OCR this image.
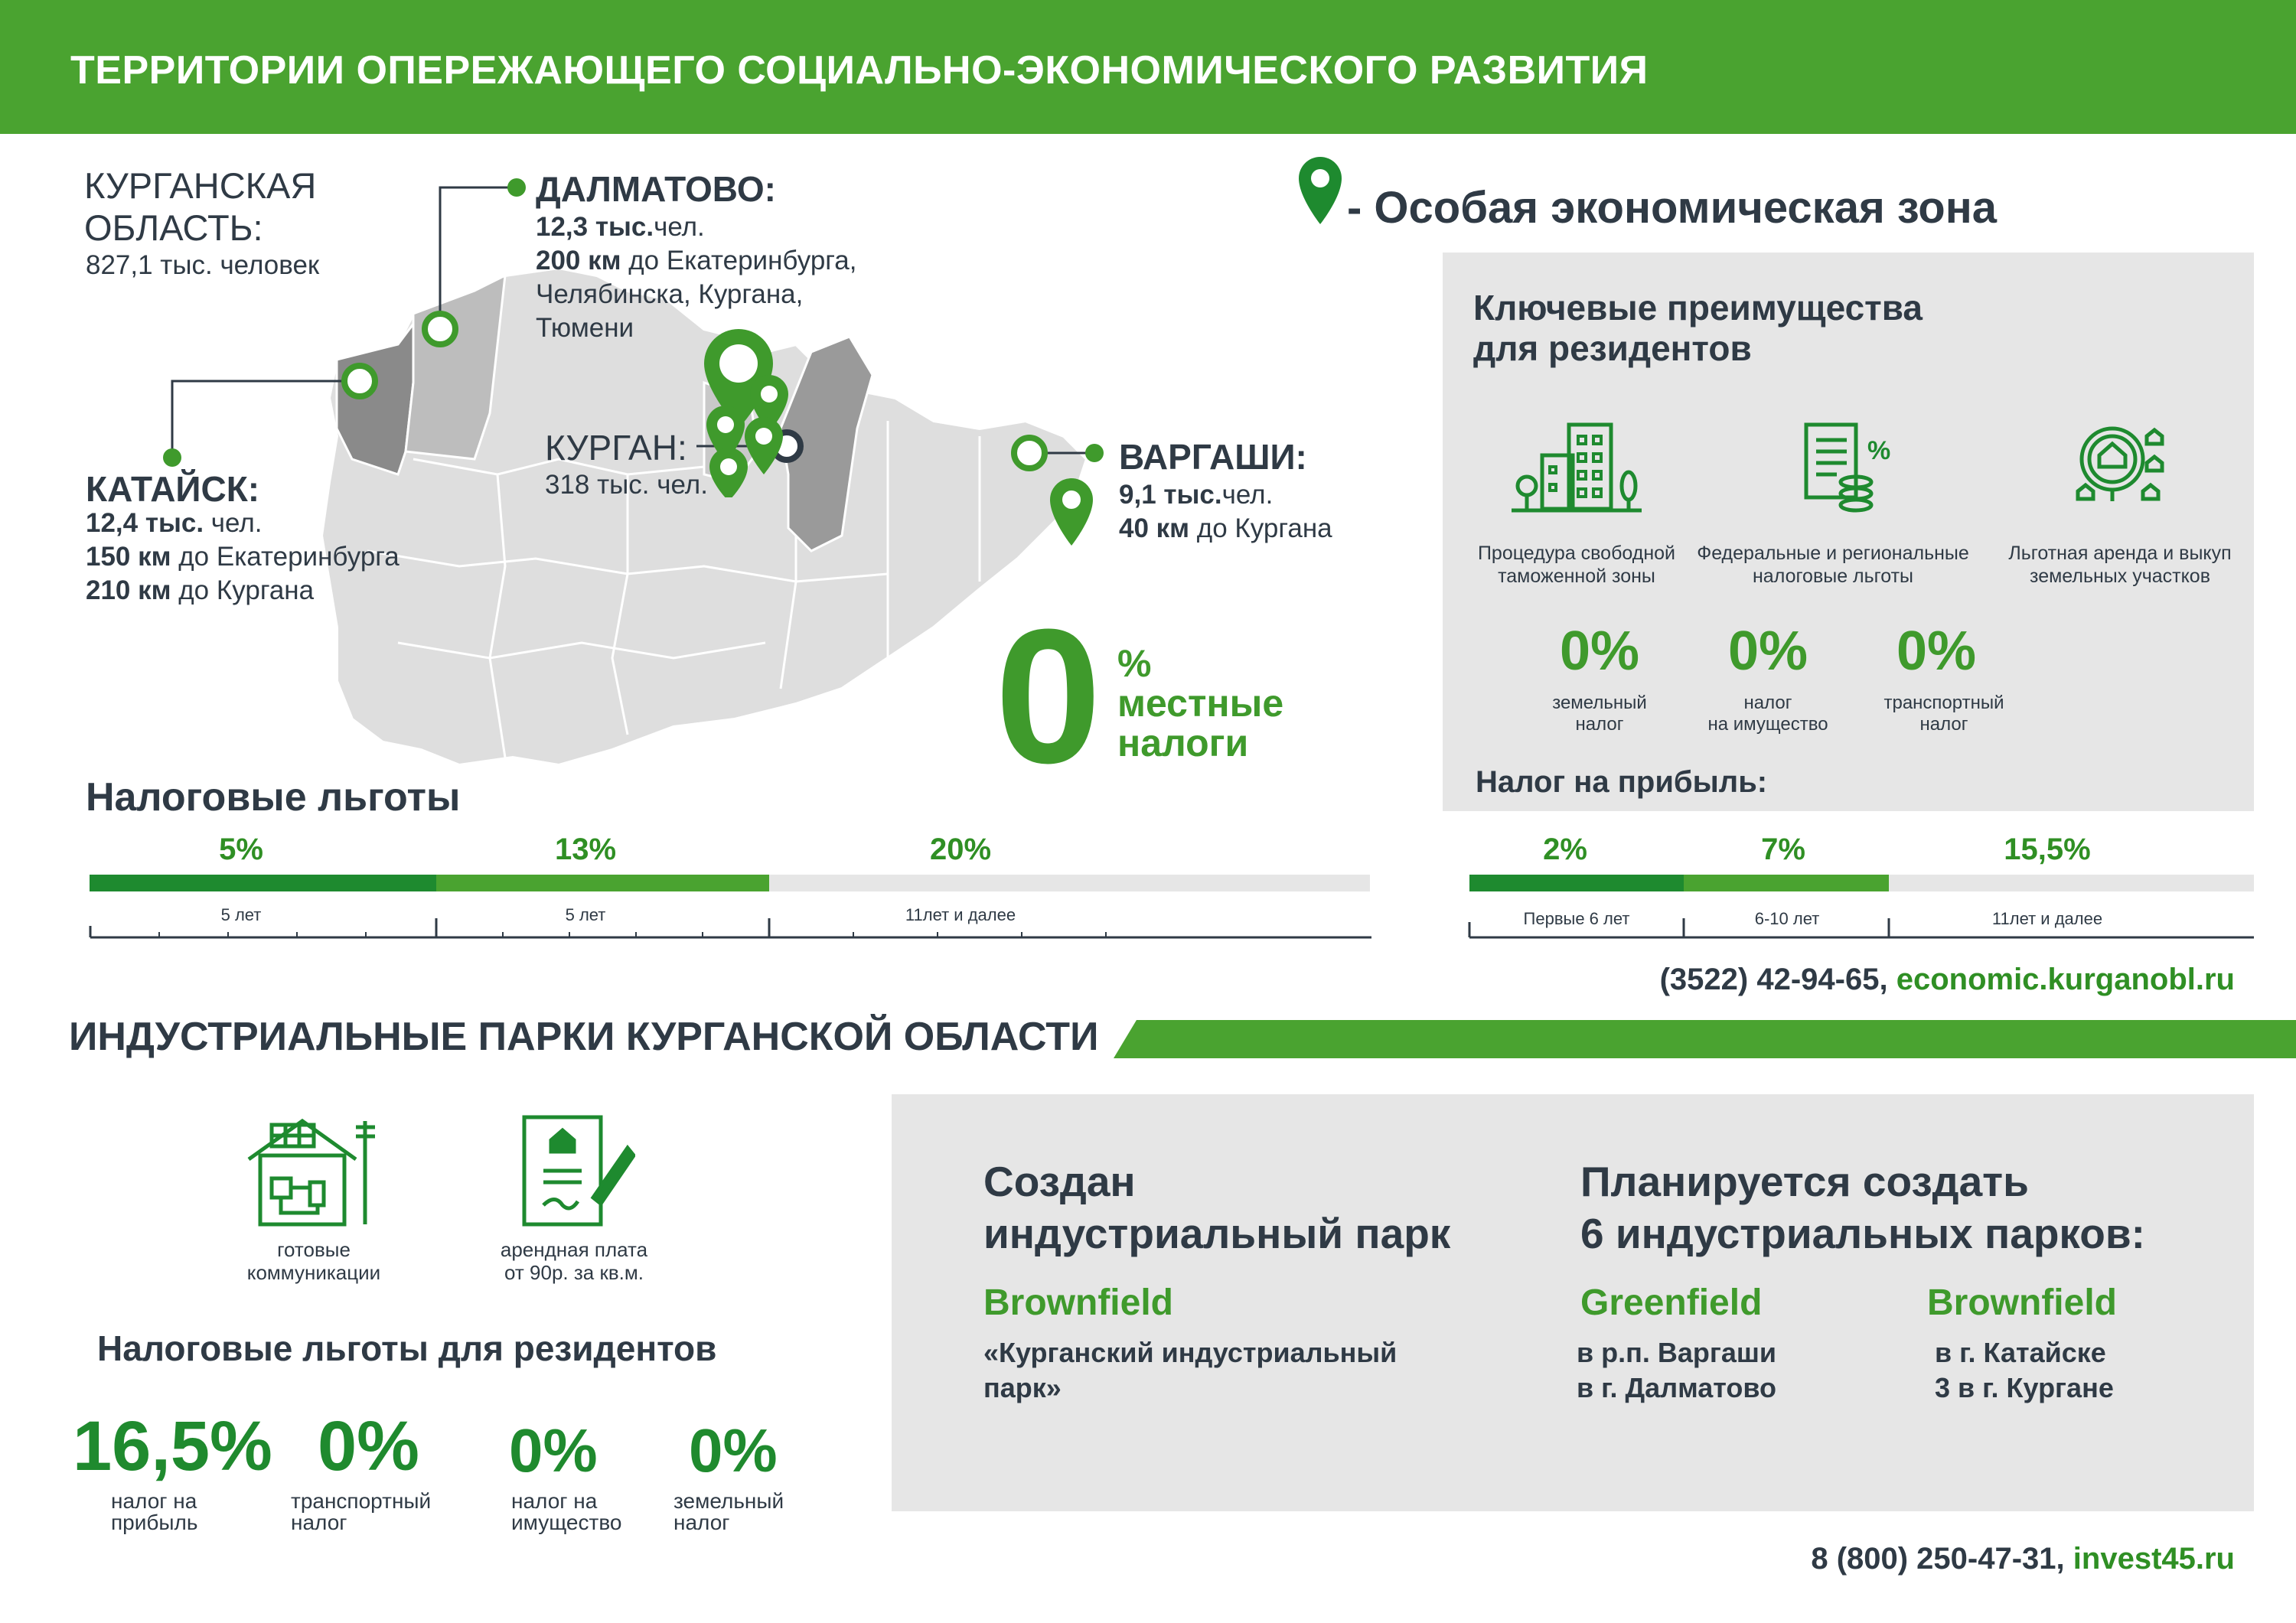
ТЕРРИТОРИИ ОПЕРЕЖАЮЩЕГО СОЦИАЛЬНО-ЭКОНОМИЧЕСКОГО РАЗВИТИЯ
КУРГАНСКАЯ
ОБЛАСТЬ:
827,1 тыс. человек
ДАЛМАТОВО:
12,3 тыс.чел.
200 км до Екатеринбурга,
Челябинска, Кургана,
Тюмени
КУРГАН:
318 тыс. чел.
КАТАЙСК:
12,4 тыс. чел.
150 км до Екатеринбурга
210 км до Кургана
ВАРГАШИ:
9,1 тыс.чел.
40 км до Кургана
- Особая экономическая зона
0 %
местные
налоги
Ключевые преимущества
для резидентов
%
Процедура свободной
таможенной зоны
Федеральные и региональные
налоговые льготы
Льготная аренда и выкуп
земельных участков
0%	0%	0%
земельный
налог
налог
на имущество
транспортный
налог
Налог на прибыль:
Налоговые льготы
5%	13%	20%
5 лет	5 лет	11лет и далее
2%	7%	15,5%
Первые 6 лет	6-10 лет	11лет и далее
(3522) 42-94-65, economic.kurganobl.ru
ИНДУСТРИАЛЬНЫЕ ПАРКИ КУРГАНСКОЙ ОБЛАСТИ
готовые
коммуникации
арендная плата
от 90р. за кв.м.
Налоговые льготы для резидентов
16,5% 0% 0% 0%
налог на
прибыль
транспортный
налог
налог на
имущество
земельный
налог
Создан
индустриальный парк
Brownfield
«Курганский индустриальный
парк»
Планируется создать
6 индустриальных парков:
Greenfield
в р.п. Варгаши
в г. Далматово
Brownfield
в г. Катайске
3 в г. Кургане
8 (800) 250-47-31, invest45.ru
